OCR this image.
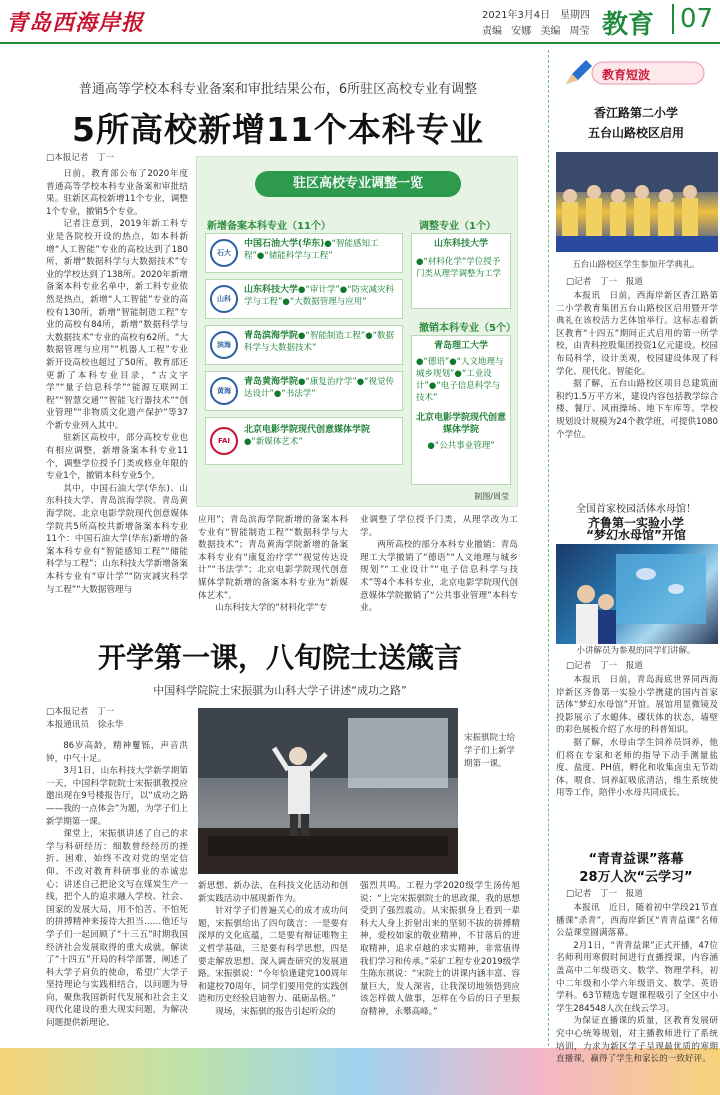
青岛西海岸报	2021年3月4日 星期四
责编 安娜 美编 周莹 教育 07
普通高等学校本科专业备案和审批结果公布，6所驻区高校专业有调整
5所高校新增11个本科专业
□本报记者　丁一

日前，教育部公布了2020年度普通高等学校本科专业备案和审批结果。驻新区高校新增11个专业，调整1个专业，撤销5个专业。

记者注意到，2019年新工科专业是各院校开设的热点，如本科新增“人工智能”专业的高校达到了180所，新增“数据科学与大数据技术”专业的学校达到了138所。2020年新增备案本科专业名单中，新工科专业依然是热点，新增“人工智能”专业的高校有130所，新增“智能制造工程”专业的高校有84所，新增“数据科学与大数据技术”专业的高校有62所。“大数据管理与应用”“机器人工程”专业新开设高校也超过了50所。教育部还更新了本科专业目录，“古文字学”“量子信息科学”“能源互联网工程”“智慧交通”“智能飞行器技术”“创业管理”“非物质文化遗产保护”等37个新专业列入其中。

驻新区高校中，部分高校专业也有相应调整，新增备案本科专业11个，调整学位授予门类或修业年限的专业1个，撤销本科专业5个。

其中，中国石油大学(华东)、山东科技大学、青岛滨海学院、青岛黄海学院、北京电影学院现代创意媒体学院共5所高校共新增备案本科专业11个：中国石油大学(华东)新增的备案本科专业有“智能感知工程”“储能科学与工程”；山东科技大学新增备案本科专业有“审计学”“防灾减灾科学与工程”“大数据管理与

驻区高校专业调整一览
新增备案本科专业（11个）	调整专业（1个）
石大
中国石油大学(华东)●“智能感知工程”●“储能科学与工程”
山科
山东科技大学●“审计学”●“防灾减灾科学与工程”●“大数据管理与应用”
滨海
青岛滨海学院●“智能制造工程”●“数据科学与大数据技术”
黄海
青岛黄海学院●“康复治疗学”●“视觉传达设计”●“书法学”
FAI
北京电影学院现代创意媒体学院
●“新媒体艺术”
山东科技大学
●“材料化学”学位授予门类从理学调整为工学
撤销本科专业（5个）
青岛理工大学
●“德语”●“人文地理与城乡规划”●“工业设计”●“电子信息科学与技术”
北京电影学院现代创意媒体学院
●“公共事业管理”
制图/周莹
应用”；青岛滨海学院新增的备案本科专业有“智能制造工程”“数据科学与大数据技术”；青岛黄海学院新增的备案本科专业有“康复治疗学”“视觉传达设计”“书法学”；北京电影学院现代创意媒体学院新增的备案本科专业为“新媒体艺术”。

山东科技大学的“材料化学”专

业调整了学位授予门类，从理学改为工学。

两所高校的部分本科专业撤销：青岛理工大学撤销了“德语”“人文地理与城乡规划”“工业设计”“电子信息科学与技术”等4个本科专业，北京电影学院现代创意媒体学院撤销了“公共事业管理”本科专业。

开学第一课，八旬院士送箴言
中国科学院院士宋振骐为山科大学子讲述“成功之路”
□本报记者　丁一
本报通讯员　徐永华
宋振骐院士给学子们上新学期第一课。

86岁高龄，精神矍铄，声音洪钟，中气十足。

3月1日，山东科技大学新学期第一天，中国科学院院士宋振骐教授应邀出现在9号楼报告厅，以“成功之路——我的一点体会”为题，为学子们上新学期第一课。

课堂上，宋振骐讲述了自己的求学与科研经历：细数曾经经历的挫折、困难，始终不改对党的坚定信仰、不改对教育科研事业的赤诚忠心；讲述自己把论文写在煤炭生产一线，把个人的追求融入学校、社会、国家的发展大局，用不怕苦、不怕死的拼搏精神来接待大担当……他还与学子们一起回顾了“十三五”时期我国经济社会发展取得的重大成就，解读了“十四五”开局的科学部署，阐述了科大学子肩负的使命，希望广大学子坚持理论与实践相结合，以问题为导向，聚焦我国新时代发展和社会主义现代化建设的重大现实问题，为解决问题提供新理论、

新思想、新办法，在科技文化活动和创新实践活动中展现新作为。

针对学子们普遍关心的成才成功问题，宋振骐给出了四句箴言：一是要有深厚的文化底蕴，二是要有辩证唯物主义哲学基础，三是要有科学思想，四是要走解放思想、深入调查研究的发展道路。宋振骐说：“今年恰逢建党100周年和建校70周年，同学们要用党的实践创造和历史经验启迪智力、砥砺品格。”

现场，宋振骐的报告引起听众的

强烈共鸣。工程力学2020级学生汤传旭说：“上完宋振骐院士的思政课，我的思想受到了强烈震动。从宋振骐身上看到一辈科大人身上折射出来的坚韧不拔的拼搏精神，爱校如家的敬业精神，不甘落后的进取精神，追求卓越的求实精神，非常值得我们学习和传承。”采矿工程专业2019级学生陈东祺说：“宋院士的讲课内涵丰富、容量巨大，发人深省，让我深切地领悟到应该怎样做人做事，怎样在今后的日子里振奋精神，永攀高峰。”
教育短波
香江路第二小学
五台山路校区启用
五台山路校区学生参加开学典礼。
□记者　丁一　报道

本报讯　日前，西海岸新区香江路第二小学教育集团五台山路校区启用暨开学典礼在该校活力艺体馆举行。这标志着新区教育“十四五”期间正式启用的第一所学校，由青科控股集团投资1亿元建设。校园布局科学，设计美观，校园建设体现了科学化、现代化、智能化。

据了解，五台山路校区项目总建筑面积约1.5万平方米，建设内容包括教学综合楼、餐厅、风雨操场、地下车库等。学校规划设计规模为24个教学班，可提供1080个学位。

全国首家校园活体水母馆！
齐鲁第一实验小学
小讲解员为参观的同学们讲解。
□记者　丁一　报道

本报讯　日前，青岛海底世界同西海岸新区齐鲁第一实验小学携建的国内首家活体“梦幻水母馆”开馆。展馆用显微镜及投影展示了水螅体、碟状体的状态，墙壁的彩色展板介绍了水母的科普知识。

据了解，水母由学生饲养员饲养，他们将在专家和老师的指导下动手测量盐度、盐度、PH值，孵化和收集卤虫无节幼体、喂食、饲养缸吸底清洁，维生系统使用等工作，陪伴小水母共同成长。

“青青益课”落幕
28万人次“云学习”
□记者　丁一　报道

本报讯　近日，随着初中学段21节直播课“杀青”，西海岸新区“青青益课”名师公益课堂圆满落幕。

2月1日，“青青益课”正式开播，47位名师利用寒假时间进行直播授课，内容涵盖高中二年级语文、数学、物理学科，初中二年级和小学六年级语文、数学、英语学科。63节精选专题课程吸引了全区中小学生284548人次在线云学习。

为保证直播课的质量，区教育发展研究中心统筹规划，对主播教师进行了系统培训，力求为新区学子呈现最优质的寒期直播课，赢得了学生和家长的一致好评。

“梦幻水母馆”开馆
